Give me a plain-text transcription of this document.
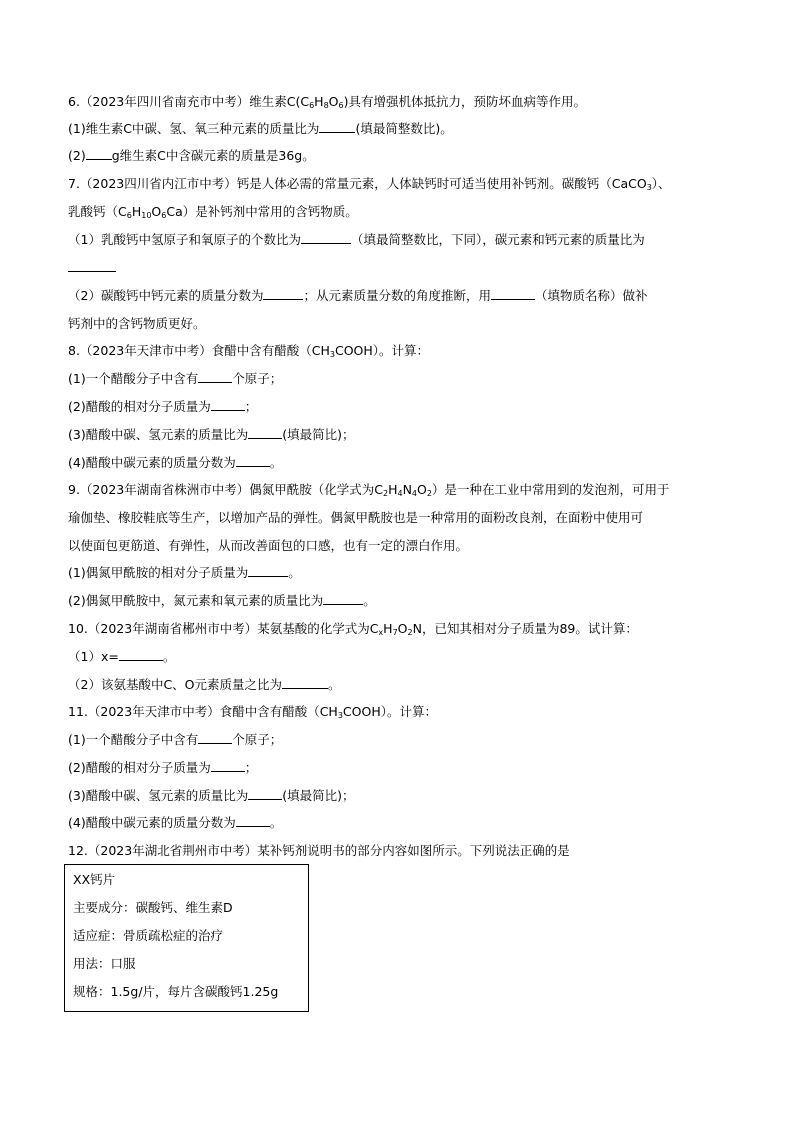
6.（2023年四川省南充市中考）维生素$C(C_6H_8O_6)$具有增强机体抵抗力，预防坏血病等作用。
(1)维生素C中碳、氢、氧三种元素的质量比为	(填最简整数比)。
(2) g维生素C中含碳元素的质量是36g。
7.（2023四川省内江市中考）钙是人体必需的常量元素，人体缺钙时可适当使用补钙剂。碳酸钙（CaCO$_3$）、
乳酸钙$(C_6H_{10}O_6Ca)$是补钙剂中常用的含钙物质。
（1）乳酸钙中氢原子和氧原子的个数比为	（填最简整数比，下同），碳元素和钙元素的质量比为
（2）碳酸钙中钙元素的质量分数为	；从元素质量分数的角度推断，用	（填物质名称）做补
钙剂中的含钙物质更好。
8.（2023年天津市中考）食醋中含有醋酸$(CH_3COOH)$。计算：
(1)一个醋酸分子中含有	个原子；
(2)醋酸的相对分子质量为	；
(3)醋酸中碳、氢元素的质量比为	(填最简比)；
(4)醋酸中碳元素的质量分数为	。
9.（2023年湖南省株洲市中考）偶氮甲酰胺（化学式为$C_2H_4N_4O_2$）是一种在工业中常用到的发泡剂，可用于
瑜伽垫、橡胶鞋底等生产，以增加产品的弹性。偶氮甲酰胺也是一种常用的面粉改良剂，在面粉中使用可
以使面包更筋道、有弹性，从而改善面包的口感，也有一定的漂白作用。
(1)偶氮甲酰胺的相对分子质量为	。
(2)偶氮甲酰胺中，氮元素和氧元素的质量比为	。
10.（2023年湖南省郴州市中考）某氨基酸的化学式为$C_xH_7O_2N$，已知其相对分子质量为89。试计算：
（1）x=	。
（2）该氨基酸中C、O元素质量之比为	。
11.（2023年天津市中考）食醋中含有醋酸$(CH_3COOH)$。计算：
(1)一个醋酸分子中含有	个原子；
(2)醋酸的相对分子质量为	；
(3)醋酸中碳、氢元素的质量比为	(填最简比)；
(4)醋酸中碳元素的质量分数为	。
12.（2023年湖北省荆州市中考）某补钙剂说明书的部分内容如图所示。下列说法正确的是
XX钙片
主要成分：碳酸钙、维生素D
适应症：骨质疏松症的治疗
用法：口服
规格：1.5g/片，每片含碳酸钙1.25g
